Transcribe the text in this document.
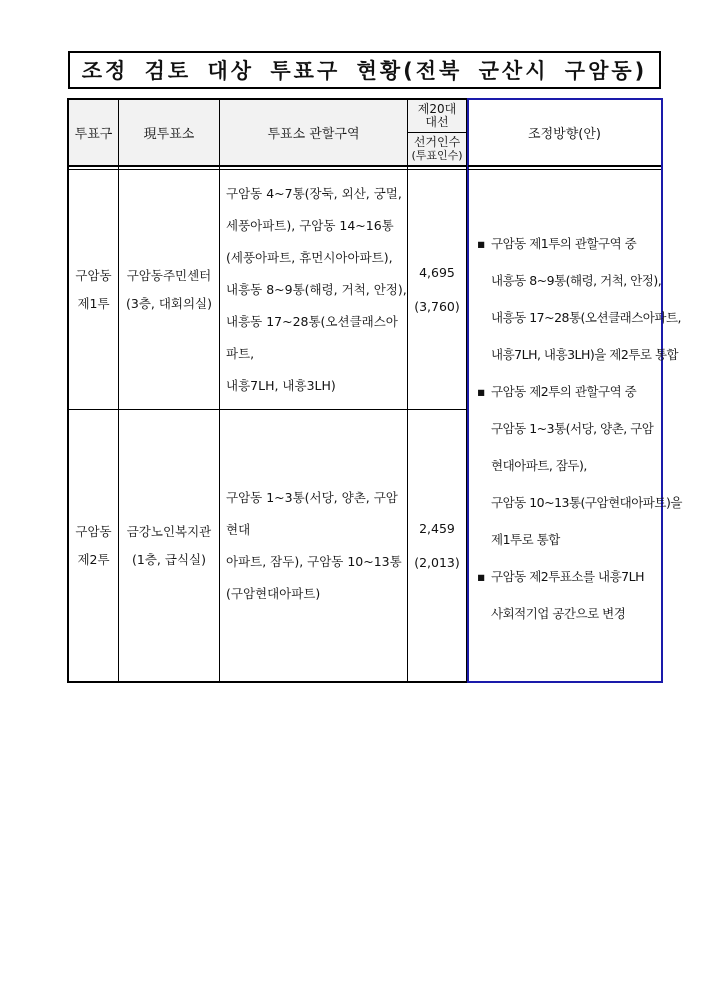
조정 검토 대상 투표구 현황(전북 군산시 구암동)
투표구	現투표소	투표소 관할구역
제20대
대선
선거인수
(투표인수)
조정방향(안)
구암동
제1투
구암동주민센터
(3층, 대회의실)
구암동 4~7통(장둑, 외산, 궁멀,
세풍아파트), 구암동 14~16통
(세풍아파트, 휴먼시아아파트),
내흥동 8~9통(해령, 거척, 안정),
내흥동 17~28통(오션클래스아파트,
내흥7LH, 내흥3LH)
4,695
(3,760)
구암동
제2투
금강노인복지관
(1층, 급식실)
구암동 1~3통(서당, 양촌, 구암현대
아파트, 잠두), 구암동 10~13통
(구암현대아파트)
2,459
(2,013)
▪ 구암동 제1투의 관할구역 중
내흥동 8~9통(해령, 거척, 안정),
내흥동 17~28통(오션클래스아파트,
내흥7LH, 내흥3LH)을 제2투로 통합
▪ 구암동 제2투의 관할구역 중
구암동 1~3통(서당, 양촌, 구암
현대아파트, 잠두),
구암동 10~13통(구암현대아파트)을
제1투로 통합
▪ 구암동 제2투표소를 내흥7LH
사회적기업 공간으로 변경
